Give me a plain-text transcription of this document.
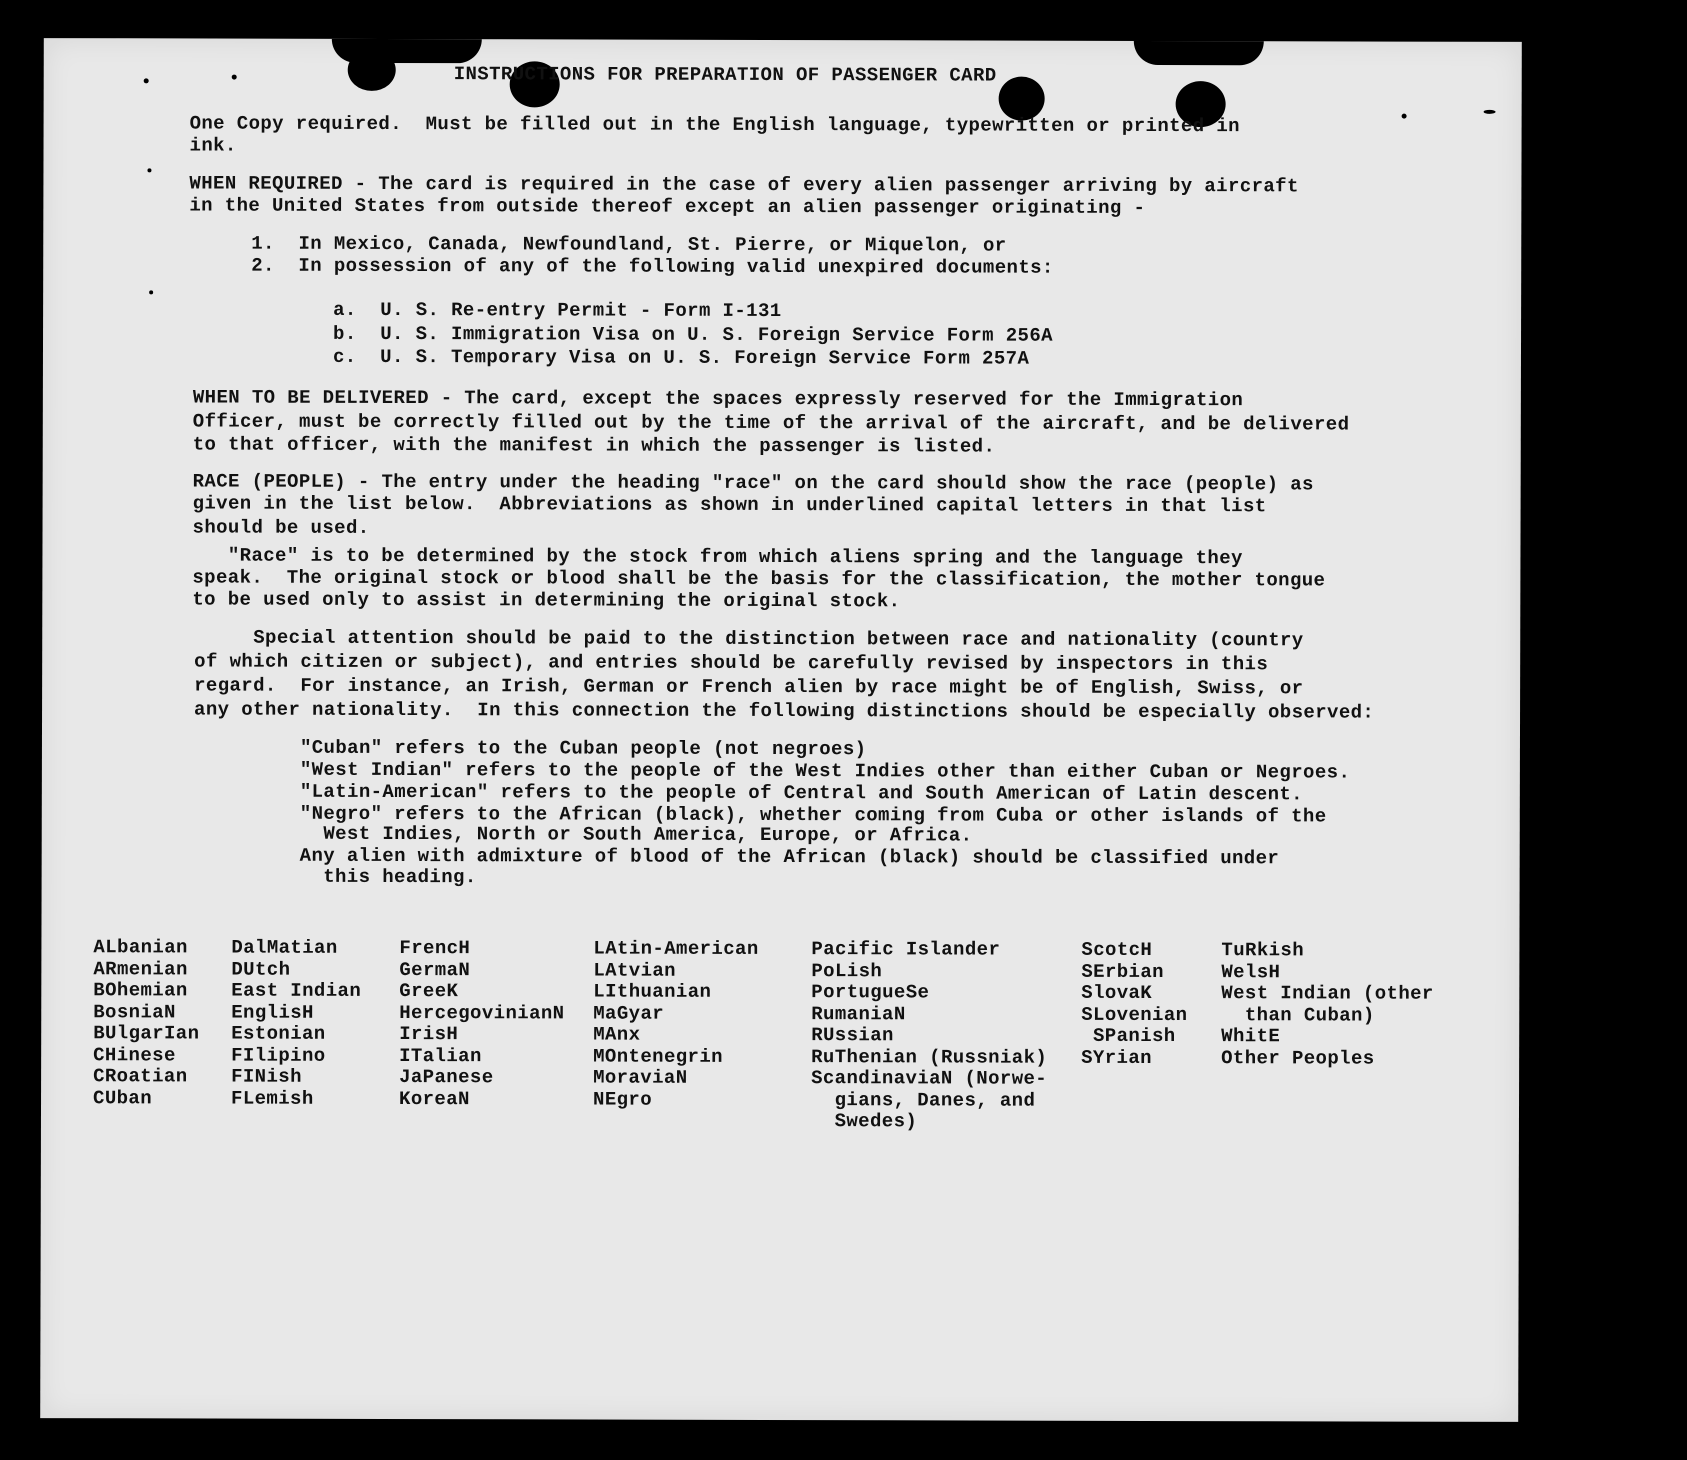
INSTRUCTIONS FOR PREPARATION OF PASSENGER CARD
One Copy required.  Must be filled out in the English language, typewritten or printed in
ink.
WHEN REQUIRED - The card is required in the case of every alien passenger arriving by aircraft
in the United States from outside thereof except an alien passenger originating -
1.  In Mexico, Canada, Newfoundland, St. Pierre, or Miquelon, or
2.  In possession of any of the following valid unexpired documents:
a.  U. S. Re-entry Permit - Form I-131
b.  U. S. Immigration Visa on U. S. Foreign Service Form 256A
c.  U. S. Temporary Visa on U. S. Foreign Service Form 257A
WHEN TO BE DELIVERED - The card, except the spaces expressly reserved for the Immigration
Officer, must be correctly filled out by the time of the arrival of the aircraft, and be delivered
to that officer, with the manifest in which the passenger is listed.
RACE (PEOPLE) - The entry under the heading "race" on the card should show the race (people) as
given in the list below.  Abbreviations as shown in underlined capital letters in that list
should be used.
"Race" is to be determined by the stock from which aliens spring and the language they
speak.  The original stock or blood shall be the basis for the classification, the mother tongue
to be used only to assist in determining the original stock.
Special attention should be paid to the distinction between race and nationality (country
of which citizen or subject), and entries should be carefully revised by inspectors in this
regard.  For instance, an Irish, German or French alien by race might be of English, Swiss, or
any other nationality.  In this connection the following distinctions should be especially observed:
"Cuban" refers to the Cuban people (not negroes)
"West Indian" refers to the people of the West Indies other than either Cuban or Negroes.
"Latin-American" refers to the people of Central and South American of Latin descent.
"Negro" refers to the African (black), whether coming from Cuba or other islands of the
West Indies, North or South America, Europe, or Africa.
Any alien with admixture of blood of the African (black) should be classified under
this heading.
ALbanian
ARmenian
BOhemian
BosniaN
BUlgarIan
CHinese
CRoatian
CUban
DalMatian
DUtch
East Indian
EnglisH
Estonian
FIlipino
FINish
FLemish
FrencH
GermaN
GreeK
HercegovinianN
IrisH
ITalian
JaPanese
KoreaN
LAtin-American
LAtvian
LIthuanian
MaGyar
MAnx
MOntenegrin
MoraviaN
NEgro
Pacific Islander
PoLish
PortugueSe
RumaniaN
RUssian
RuThenian (Russniak)
ScandinaviaN (Norwe-
gians, Danes, and
Swedes)
ScotcH
SErbian
SlovaK
SLovenian
SPanish
SYrian
TuRkish
WelsH
West Indian (other
than Cuban)
WhitE
Other Peoples
